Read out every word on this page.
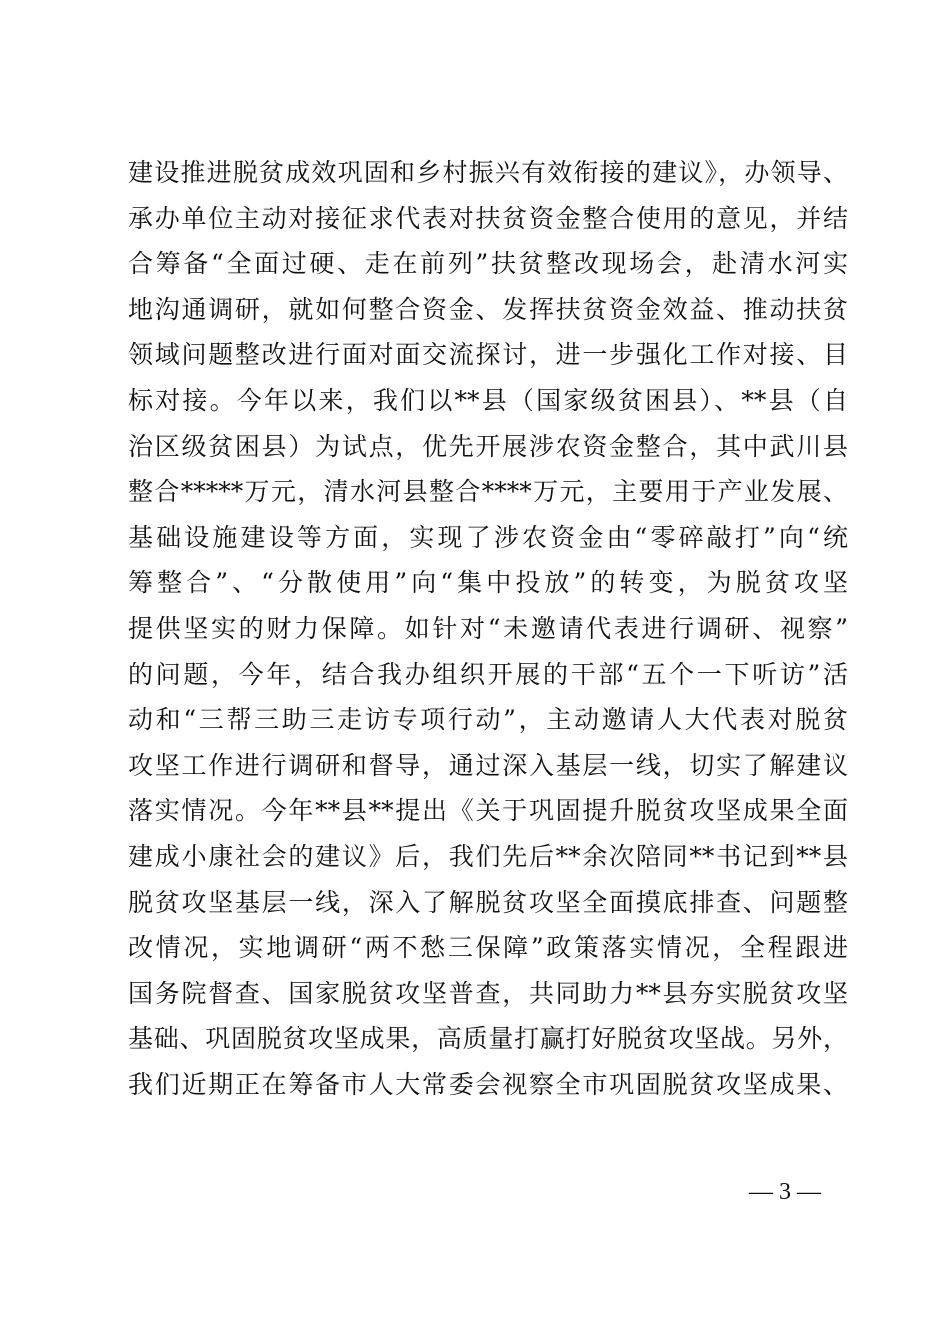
建设推进脱贫成效巩固和乡村振兴有效衔接的建议》，办领导、
承办单位主动对接征求代表对扶贫资金整合使用的意见，并结
合筹备“全面过硬、走在前列”扶贫整改现场会，赴清水河实
地沟通调研，就如何整合资金、发挥扶贫资金效益、推动扶贫
领域问题整改进行面对面交流探讨，进一步强化工作对接、目
标对接。今年以来，我们以**县（国家级贫困县）、**县（自
治区级贫困县）为试点，优先开展涉农资金整合，其中武川县
整合*****万元，清水河县整合****万元，主要用于产业发展、
基础设施建设等方面，实现了涉农资金由“零碎敲打”向“统
筹整合”、“分散使用”向“集中投放”的转变，为脱贫攻坚
提供坚实的财力保障。如针对“未邀请代表进行调研、视察”
的问题，今年，结合我办组织开展的干部“五个一下听访”活
动和“三帮三助三走访专项行动”，主动邀请人大代表对脱贫
攻坚工作进行调研和督导，通过深入基层一线，切实了解建议
落实情况。今年**县**提出《关于巩固提升脱贫攻坚成果全面
建成小康社会的建议》后，我们先后**余次陪同**书记到**县
脱贫攻坚基层一线，深入了解脱贫攻坚全面摸底排查、问题整
改情况，实地调研“两不愁三保障”政策落实情况，全程跟进
国务院督查、国家脱贫攻坚普查，共同助力**县夯实脱贫攻坚
基础、巩固脱贫攻坚成果，高质量打赢打好脱贫攻坚战。另外，
我们近期正在筹备市人大常委会视察全市巩固脱贫攻坚成果、
— 3 —
